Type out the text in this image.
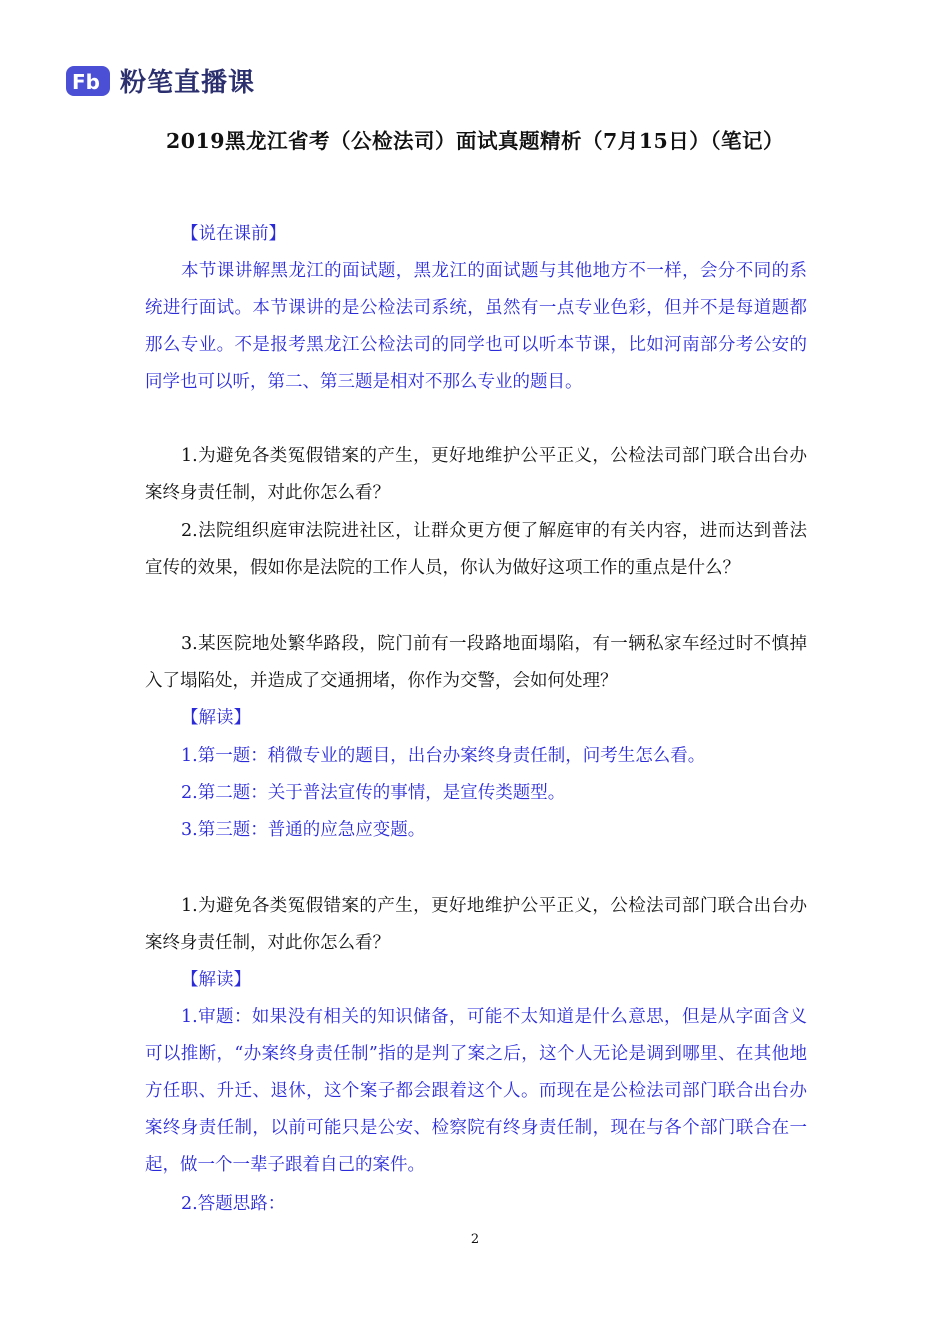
Fb 粉笔直播课
2019黑龙江省考（公检法司）面试真题精析（7月15日）（笔记）
【说在课前】
本节课讲解黑龙江的面试题，黑龙江的面试题与其他地方不一样，会分不同的系统进行面试。本节课讲的是公检法司系统，虽然有一点专业色彩，但并不是每道题都那么专业。不是报考黑龙江公检法司的同学也可以听本节课，比如河南部分考公安的同学也可以听，第二、第三题是相对不那么专业的题目。
1.为避免各类冤假错案的产生，更好地维护公平正义，公检法司部门联合出台办案终身责任制，对此你怎么看？
2.法院组织庭审法院进社区，让群众更方便了解庭审的有关内容，进而达到普法宣传的效果，假如你是法院的工作人员，你认为做好这项工作的重点是什么？
3.某医院地处繁华路段，院门前有一段路地面塌陷，有一辆私家车经过时不慎掉入了塌陷处，并造成了交通拥堵，你作为交警，会如何处理？
【解读】
1.第一题：稍微专业的题目，出台办案终身责任制，问考生怎么看。
2.第二题：关于普法宣传的事情，是宣传类题型。
3.第三题：普通的应急应变题。
1.为避免各类冤假错案的产生，更好地维护公平正义，公检法司部门联合出台办案终身责任制，对此你怎么看？
【解读】
1.审题：如果没有相关的知识储备，可能不太知道是什么意思，但是从字面含义可以推断，“办案终身责任制”指的是判了案之后，这个人无论是调到哪里、在其他地方任职、升迁、退休，这个案子都会跟着这个人。而现在是公检法司部门联合出台办案终身责任制，以前可能只是公安、检察院有终身责任制，现在与各个部门联合在一起，做一个一辈子跟着自己的案件。
2.答题思路：
2
